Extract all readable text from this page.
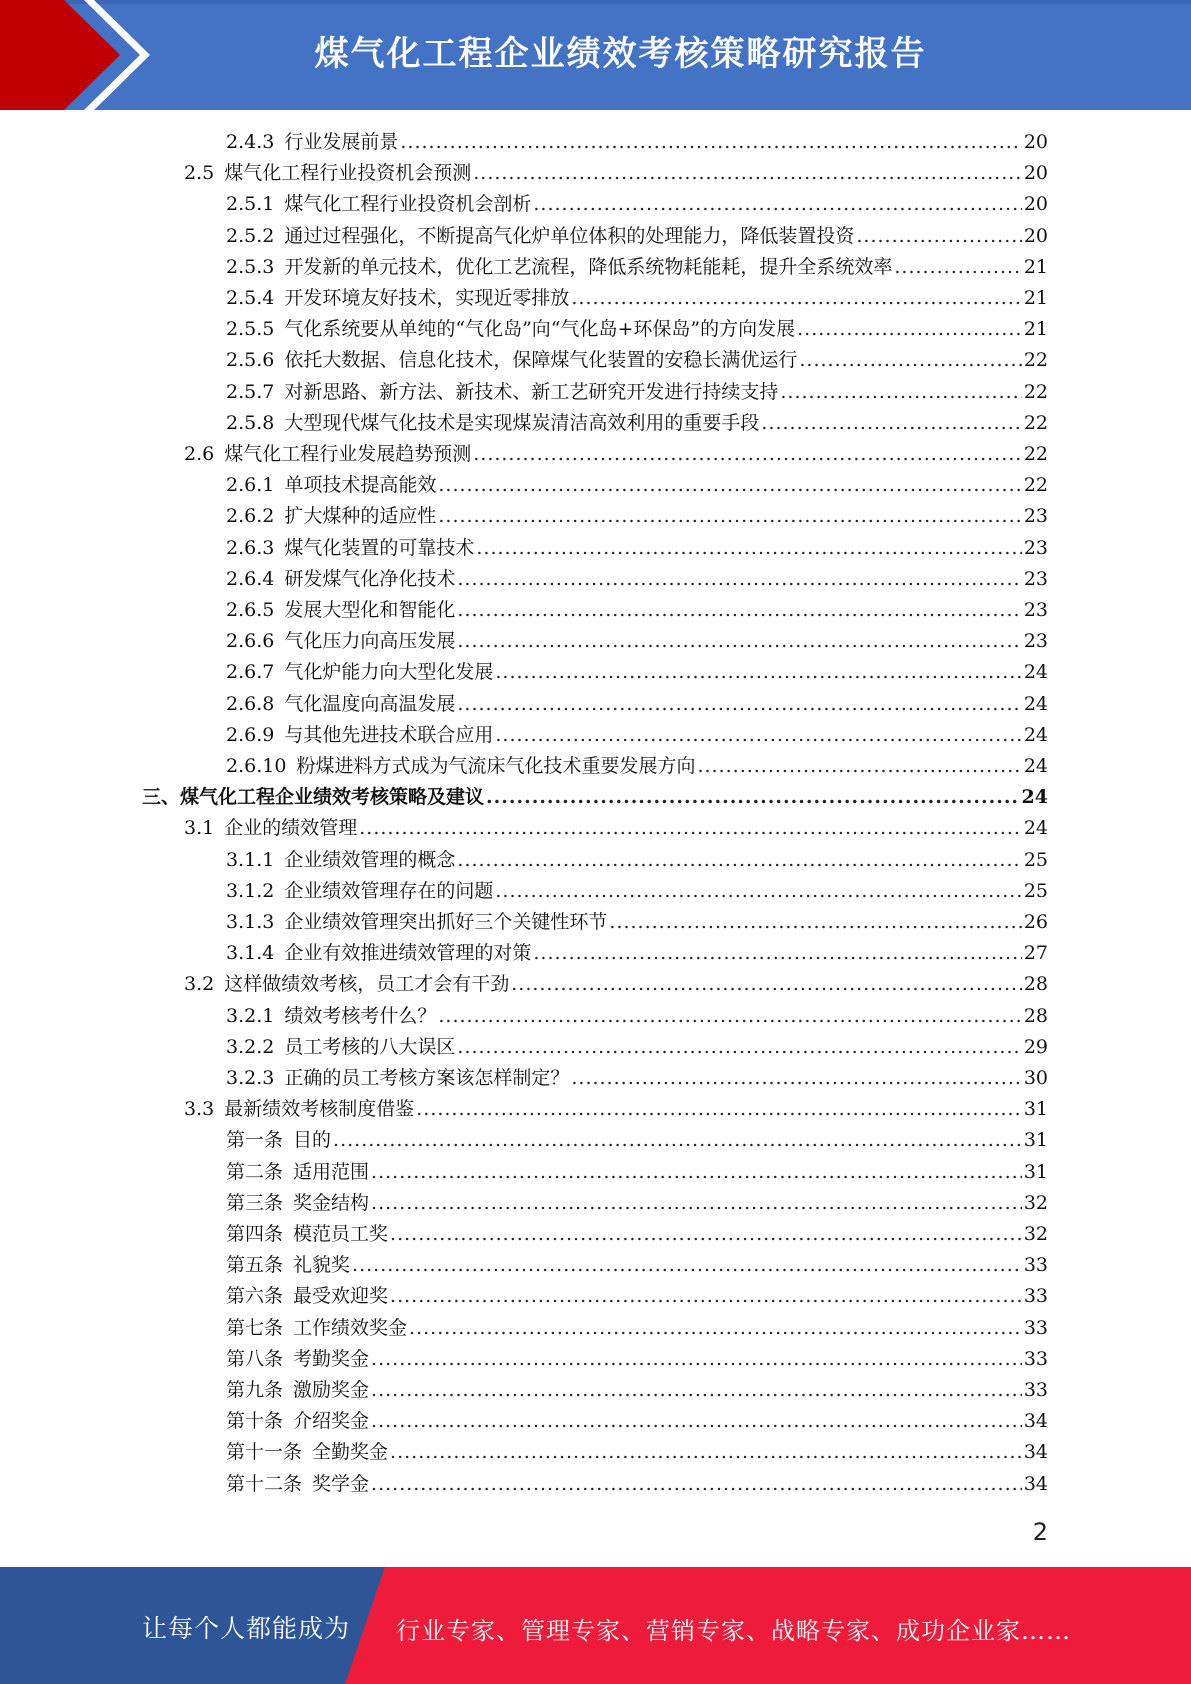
煤气化工程企业绩效考核策略研究报告
2.4.3 行业发展前景 .....	20
2.5 煤气化工程行业投资机会预测 .....	20
2.5.1 煤气化工程行业投资机会剖析 .....	20
2.5.2 通过过程强化，不断提高气化炉单位体积的处理能力，降低装置投资 .....	20
2.5.3 开发新的单元技术，优化工艺流程，降低系统物耗能耗，提升全系统效率 .....	21
2.5.4 开发环境友好技术，实现近零排放 .....	21
2.5.5 气化系统要从单纯的“气化岛”向“气化岛+环保岛”的方向发展 .....	21
2.5.6 依托大数据、信息化技术，保障煤气化装置的安稳长满优运行 .....	22
2.5.7 对新思路、新方法、新技术、新工艺研究开发进行持续支持 .....	22
2.5.8 大型现代煤气化技术是实现煤炭清洁高效利用的重要手段 .....	22
2.6 煤气化工程行业发展趋势预测 .....	22
2.6.1 单项技术提高能效 .....	22
2.6.2 扩大煤种的适应性 .....	23
2.6.3 煤气化装置的可靠技术 .....	23
2.6.4 研发煤气化净化技术 .....	23
2.6.5 发展大型化和智能化 .....	23
2.6.6 气化压力向高压发展 .....	23
2.6.7 气化炉能力向大型化发展 .....	24
2.6.8 气化温度向高温发展 .....	24
2.6.9 与其他先进技术联合应用 .....	24
2.6.10 粉煤进料方式成为气流床气化技术重要发展方向 .....	24
三、煤气化工程企业绩效考核策略及建议 .....	24
3.1 企业的绩效管理 .....	24
3.1.1 企业绩效管理的概念 .....	25
3.1.2 企业绩效管理存在的问题 .....	25
3.1.3 企业绩效管理突出抓好三个关键性环节 .....	26
3.1.4 企业有效推进绩效管理的对策 .....	27
3.2 这样做绩效考核，员工才会有干劲 .....	28
3.2.1 绩效考核考什么？ .....	28
3.2.2 员工考核的八大误区 .....	29
3.2.3 正确的员工考核方案该怎样制定？ .....	30
3.3 最新绩效考核制度借鉴 .....	31
第一条 目的 .....	31
第二条 适用范围 .....	31
第三条 奖金结构 .....	32
第四条 模范员工奖 .....	32
第五条 礼貌奖 .....	33
第六条 最受欢迎奖 .....	33
第七条 工作绩效奖金 .....	33
第八条 考勤奖金 .....	33
第九条 激励奖金 .....	33
第十条 介绍奖金 .....	34
第十一条 全勤奖金 .....	34
第十二条 奖学金 .....	34
2
让每个人都能成为 行业专家、管理专家、营销专家、战略专家、成功企业家……
